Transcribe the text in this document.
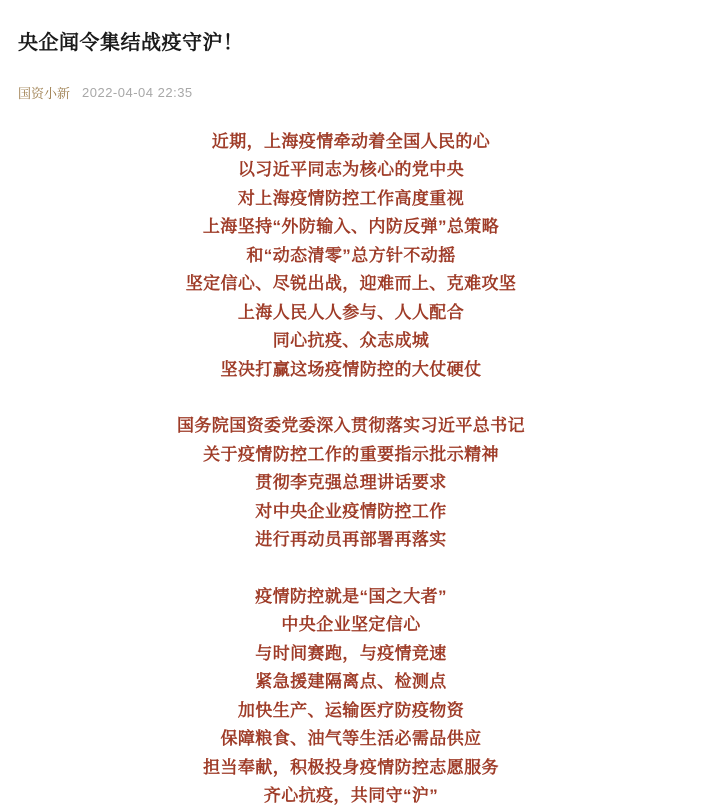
央企闻令集结战疫守沪！
国资小新 2022-04-04 22:35
近期，上海疫情牵动着全国人民的心
以习近平同志为核心的党中央
对上海疫情防控工作高度重视
上海坚持“外防输入、内防反弹”总策略
和“动态清零”总方针不动摇
坚定信心、尽锐出战，迎难而上、克难攻坚
上海人民人人参与、人人配合
同心抗疫、众志成城
坚决打赢这场疫情防控的大仗硬仗
国务院国资委党委深入贯彻落实习近平总书记
关于疫情防控工作的重要指示批示精神
贯彻李克强总理讲话要求
对中央企业疫情防控工作
进行再动员再部署再落实
疫情防控就是“国之大者”
中央企业坚定信心
与时间赛跑，与疫情竞速
紧急援建隔离点、检测点
加快生产、运输医疗防疫物资
保障粮食、油气等生活必需品供应
担当奉献，积极投身疫情防控志愿服务
齐心抗疫，共同守“沪”
